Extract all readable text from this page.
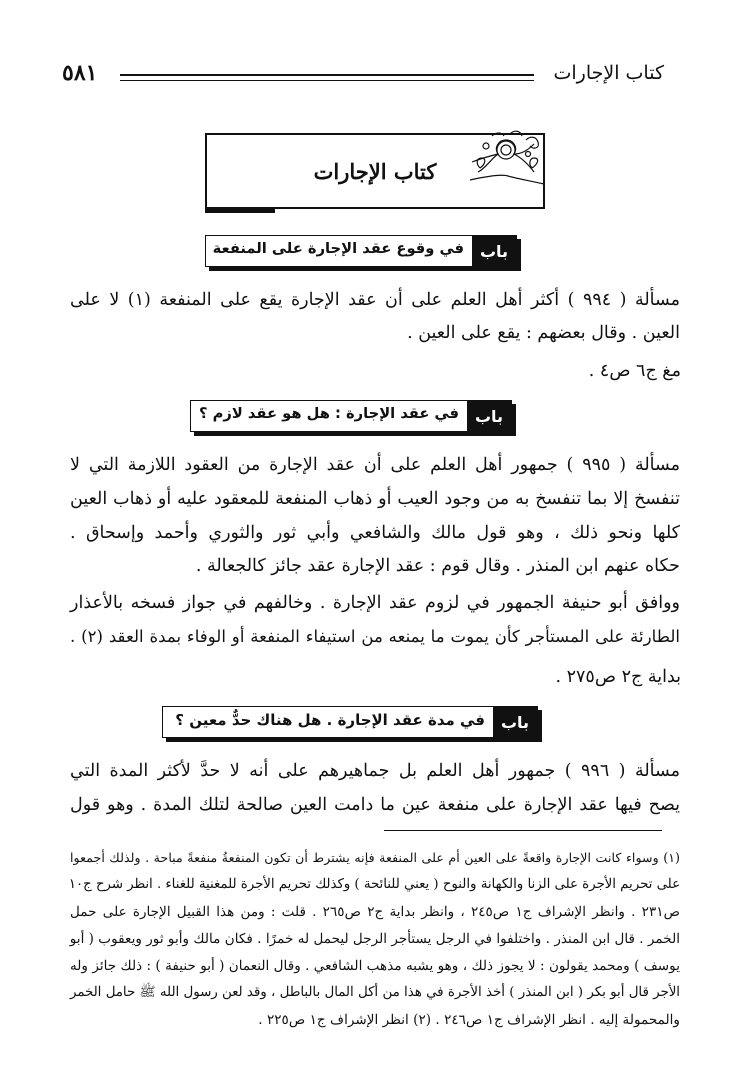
٥٨١	كتاب الإجارات
كتاب الإجارات
باب
في وقوع عقد الإجارة على المنفعة
مسألة ( ٩٩٤ ) أكثر أهل العلم على أن عقد الإجارة يقع على المنفعة (١) لا على
العين . وقال بعضهم : يقع على العين .
مغ ج٦ ص٤ .
باب
في عقد الإجارة : هل هو عقد لازم ؟
مسألة ( ٩٩٥ ) جمهور أهل العلم على أن عقد الإجارة من العقود اللازمة التي لا
تنفسخ إلا بما تنفسخ به من وجود العيب أو ذهاب المنفعة للمعقود عليه أو ذهاب العين
كلها ونحو ذلك ، وهو قول مالك والشافعي وأبي ثور والثوري وأحمد وإسحاق .
حكاه عنهم ابن المنذر . وقال قوم : عقد الإجارة عقد جائز كالجعالة .
ووافق أبو حنيفة الجمهور في لزوم عقد الإجارة . وخالفهم في جواز فسخه بالأعذار
الطارئة على المستأجر كأن يموت ما يمنعه من استيفاء المنفعة أو الوفاء بمدة العقد (٢) .
بداية ج٢ ص٢٧٥ .
باب
في مدة عقد الإجارة . هل هناك حدٌّ معين ؟
مسألة ( ٩٩٦ ) جمهور أهل العلم بل جماهيرهم على أنه لا حدَّ لأكثر المدة التي
يصح فيها عقد الإجارة على منفعة عين ما دامت العين صالحة لتلك المدة . وهو قول
(١) وسواء كانت الإجارة واقعةً على العين أم على المنفعة فإنه يشترط أن تكون المنفعةُ منفعةً مباحة . ولذلك أجمعوا
على تحريم الأجرة على الزنا والكهانة والنوح ( يعني للنائحة ) وكذلك تحريم الأجرة للمغنية للغناء . انظر شرح ج١٠
ص٢٣١ . وانظر الإشراف ج١ ص٢٤٥ ، وانظر بداية ج٢ ص٢٦٥ . قلت : ومن هذا القبيل الإجارة على حمل
الخمر . قال ابن المنذر . واختلفوا في الرجل يستأجر الرجل ليحمل له خمرًا . فكان مالك وأبو ثور ويعقوب ( أبو
يوسف ) ومحمد يقولون : لا يجوز ذلك ، وهو يشبه مذهب الشافعي . وقال النعمان ( أبو حنيفة ) : ذلك جائز وله
الأجر قال أبو بكر ( ابن المنذر ) أخذ الأجرة في هذا من أكل المال بالباطل ، وقد لعن رسول الله ﷺ حامل الخمر
والمحمولة إليه . انظر الإشراف ج١ ص٢٤٦ . (٢) انظر الإشراف ج١ ص٢٢٥ .
